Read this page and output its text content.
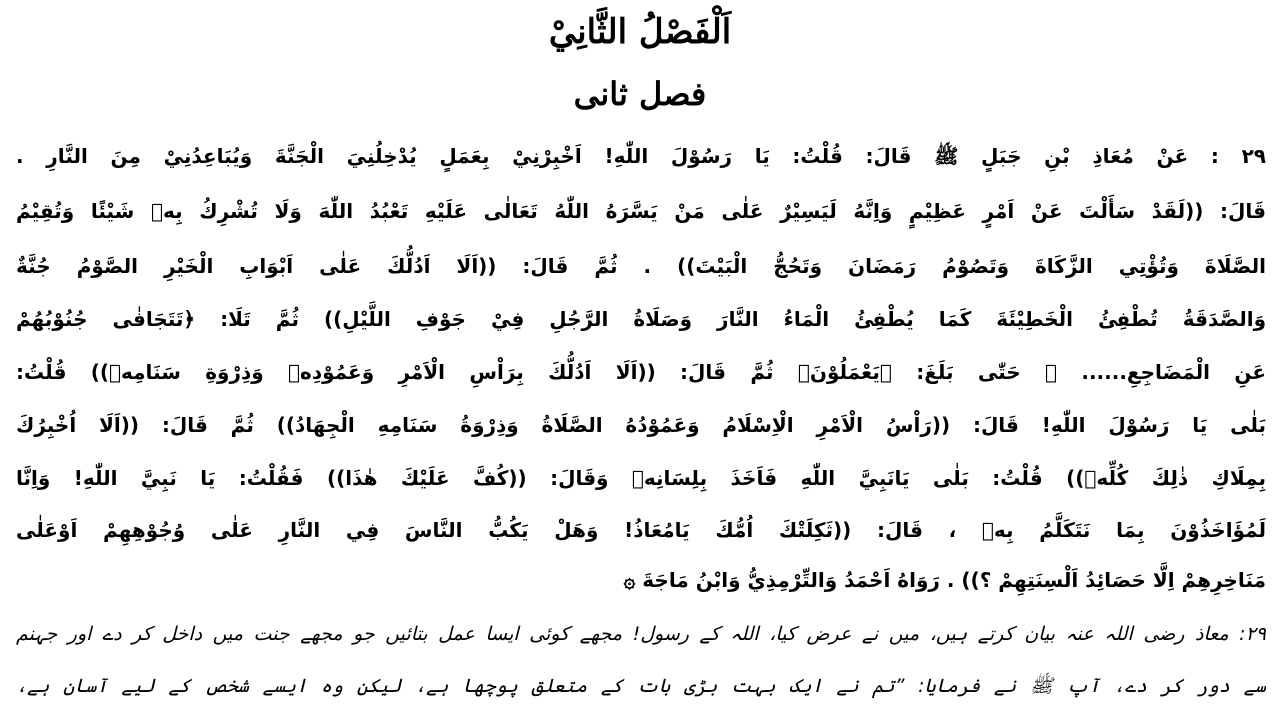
اَلْفَصْلُ الثَّانِيْ
فصل ثانی
٢٩ : عَنْ مُعَاذِ بْنِ جَبَلٍ ﷺ قَالَ: قُلْتُ: يَا رَسُوْلَ اللّٰهِ! اَخْبِرْنِيْ بِعَمَلٍ يُدْخِلُنِيَ الْجَنَّةَ وَيُبَاعِدُنِيْ مِنَ النَّارِ .
قَالَ: ((لَقَدْ سَأَلْتَ عَنْ اَمْرٍ عَظِيْمٍ وَاِنَّهُ لَيَسِيْرٌ عَلٰى مَنْ يَسَّرَهُ اللّٰهُ تَعَالٰى عَلَيْهِ تَعْبُدُ اللّٰهَ وَلَا تُشْرِكُ بِهٖ شَيْئًا وَتُقِيْمُ
الصَّلَاةَ وَتُؤْتِي الزَّكَاةَ وَتَصُوْمُ رَمَضَانَ وَتَحُجُّ الْبَيْتَ)) . ثُمَّ قَالَ: ((اَلَا اَدُلُّكَ عَلٰى اَبْوَابِ الْخَيْرِ الصَّوْمُ جُنَّةٌ
وَالصَّدَقَةُ تُطْفِئُ الْخَطِيْئَةَ كَمَا يُطْفِئُ الْمَاءُ النَّارَ وَصَلَاةُ الرَّجُلِ فِيْ جَوْفِ اللَّيْلِ)) ثُمَّ تَلَا: ﴿تَتَجَافٰى جُنُوْبُهُمْ
عَنِ الْمَضَاجِعِ...... ﴾ حَتّٰى بَلَغَ: ﴿يَعْمَلُوْنَ﴾ ثُمَّ قَالَ: ((اَلَا اَدُلُّكَ بِرَاْسِ الْاَمْرِ وَعَمُوْدِهٖ وَذِرْوَةِ سَنَامِهٖ)) قُلْتُ:
بَلٰى يَا رَسُوْلَ اللّٰهِ! قَالَ: ((رَاْسُ الْاَمْرِ الْاِسْلَامُ وَعَمُوْدُهُ الصَّلَاةُ وَذِرْوَةُ سَنَامِهِ الْجِهَادُ)) ثُمَّ قَالَ: ((اَلَا اُخْبِرُكَ
بِمِلَاكِ ذٰلِكَ كُلِّهٖ)) قُلْتُ: بَلٰى يَانَبِيَّ اللّٰهِ فَاَخَذَ بِلِسَانِهٖ وَقَالَ: ((كُفَّ عَلَيْكَ هٰذَا)) فَقُلْتُ: يَا نَبِيَّ اللّٰهِ! وَاِنَّا
لَمُؤَاخَذُوْنَ بِمَا نَتَكَلَّمُ بِهٖ ، قَالَ: ((ثَكِلَتْكَ اُمُّكَ يَامُعَاذُ! وَهَلْ يَكُبُّ النَّاسَ فِي النَّارِ عَلٰى وُجُوْهِهِمْ اَوْعَلٰى
مَنَاخِرِهِمْ اِلَّا حَصَائِدُ اَلْسِنَتِهِمْ ؟)) . رَوَاهُ اَحْمَدُ وَالتِّرْمِذِيُّ وَابْنُ مَاجَةَ ۞
٢٩: معاذ رضی اللہ عنہ بیان کرتے ہیں، میں نے عرض کیا، اللہ کے رسول! مجھے کوئی ایسا عمل بتائیں جو مجھے جنت میں داخل کر دے اور جہنم
سے دور کر دے، آپ ﷺ نے فرمایا: ”تم نے ایک بہت بڑی بات کے متعلق پوچھا ہے، لیکن وہ ایسے شخص کے لیے آسان ہے،
